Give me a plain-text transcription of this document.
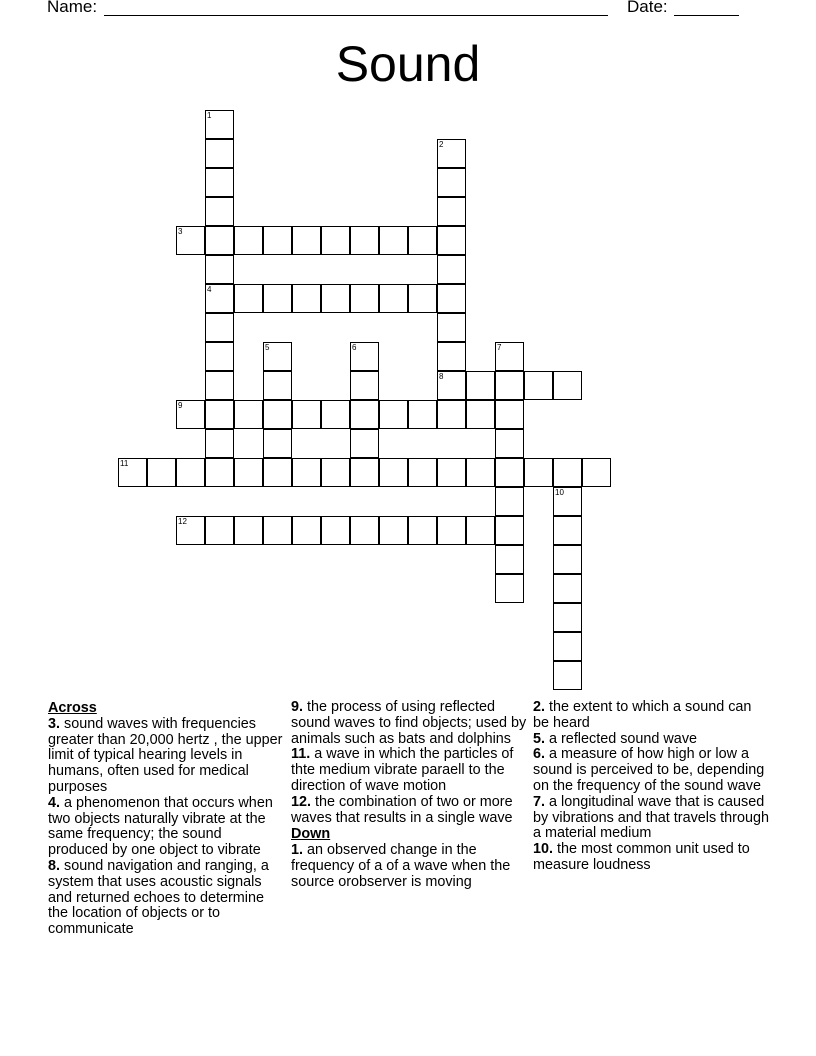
Name:	Date:
Sound
3
4
8
9
11
12
1
2
5	6	7
10
Across

3. sound waves with frequencies greater than 20,000 hertz , the upper limit of typical hearing levels in humans, often used for medical purposes

4. a phenomenon that occurs when two objects naturally vibrate at the same frequency; the sound produced by one object to vibrate

8. sound navigation and ranging, a system that uses acoustic signals and returned echoes to determine the location of objects or to communicate

9. the process of using reflected sound waves to find objects; used by animals such as bats and dolphins

11. a wave in which the particles of thte medium vibrate paraell to the direction of wave motion

12. the combination of two or more waves that results in a single wave

Down

1. an observed change in the frequency of a of a wave when the source orobserver is moving

2. the extent to which a sound can be heard

5. a reflected sound wave

6. a measure of how high or low a sound is perceived to be, depending on the frequency of the sound wave

7. a longitudinal wave that is caused by vibrations and that travels through a material medium

10. the most common unit used to measure loudness
